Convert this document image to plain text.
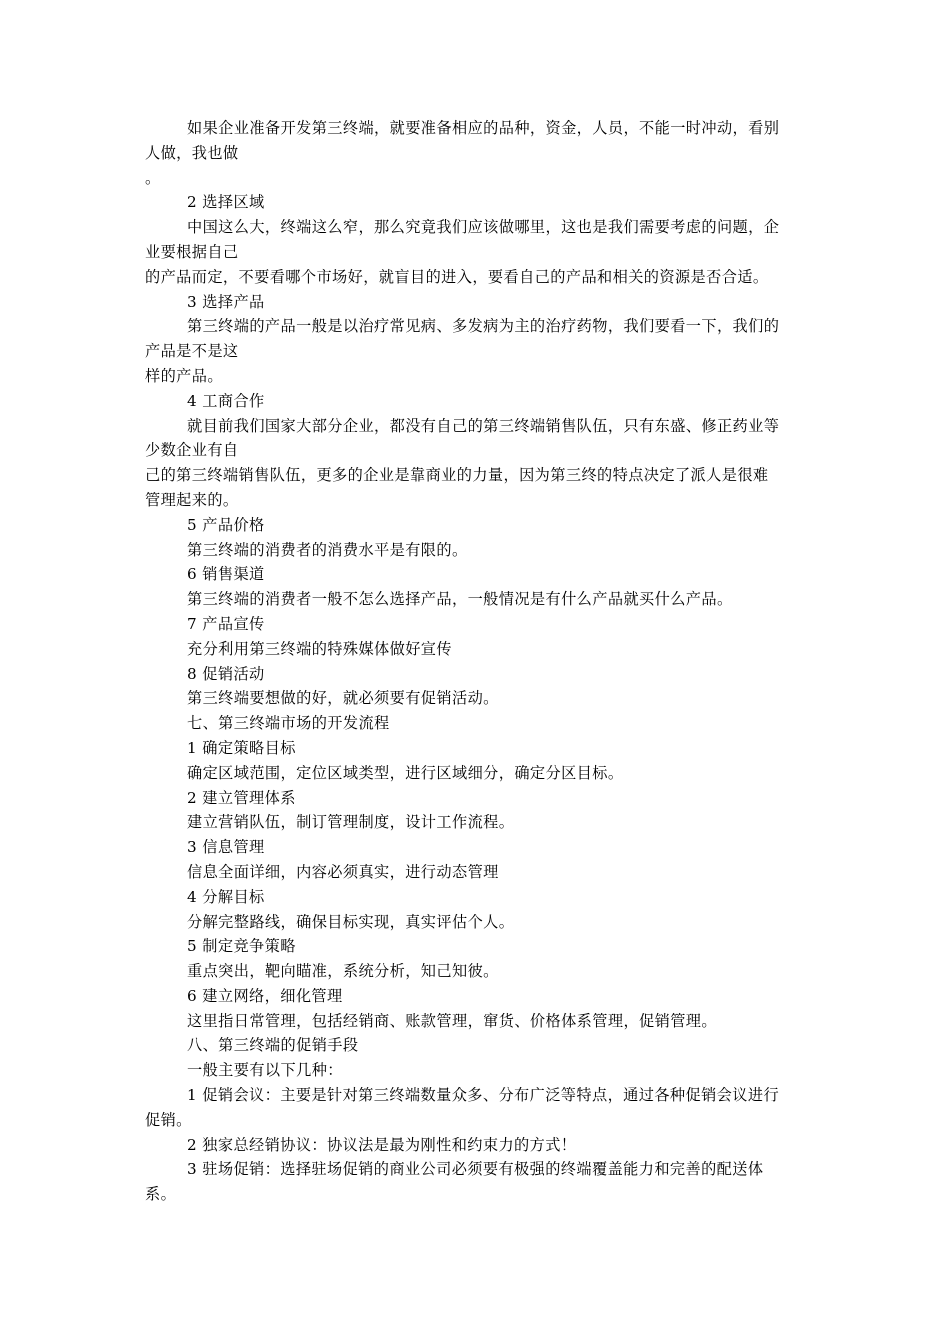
如果企业准备开发第三终端，就要准备相应的品种，资金，人员，不能一时冲动，看别
人做，我也做
。
2 选择区域
中国这么大，终端这么窄，那么究竟我们应该做哪里，这也是我们需要考虑的问题，企
业要根据自己
的产品而定，不要看哪个市场好，就盲目的进入，要看自己的产品和相关的资源是否合适。
3 选择产品
第三终端的产品一般是以治疗常见病、多发病为主的治疗药物，我们要看一下，我们的
产品是不是这
样的产品。
4 工商合作
就目前我们国家大部分企业，都没有自己的第三终端销售队伍，只有东盛、修正药业等
少数企业有自
己的第三终端销售队伍，更多的企业是靠商业的力量，因为第三终的特点决定了派人是很难
管理起来的。
5 产品价格
第三终端的消费者的消费水平是有限的。
6 销售渠道
第三终端的消费者一般不怎么选择产品，一般情况是有什么产品就买什么产品。
7 产品宣传
充分利用第三终端的特殊媒体做好宣传
8 促销活动
第三终端要想做的好，就必须要有促销活动。
七、第三终端市场的开发流程
1 确定策略目标
确定区域范围，定位区域类型，进行区域细分，确定分区目标。
2 建立管理体系
建立营销队伍，制订管理制度，设计工作流程。
3 信息管理
信息全面详细，内容必须真实，进行动态管理
4 分解目标
分解完整路线，确保目标实现，真实评估个人。
5 制定竞争策略
重点突出，靶向瞄准，系统分析，知己知彼。
6 建立网络，细化管理
这里指日常管理，包括经销商、账款管理，窜货、价格体系管理，促销管理。
八、第三终端的促销手段
一般主要有以下几种：
1 促销会议：主要是针对第三终端数量众多、分布广泛等特点，通过各种促销会议进行
促销。
2 独家总经销协议：协议法是最为刚性和约束力的方式！
3 驻场促销：选择驻场促销的商业公司必须要有极强的终端覆盖能力和完善的配送体
系。
